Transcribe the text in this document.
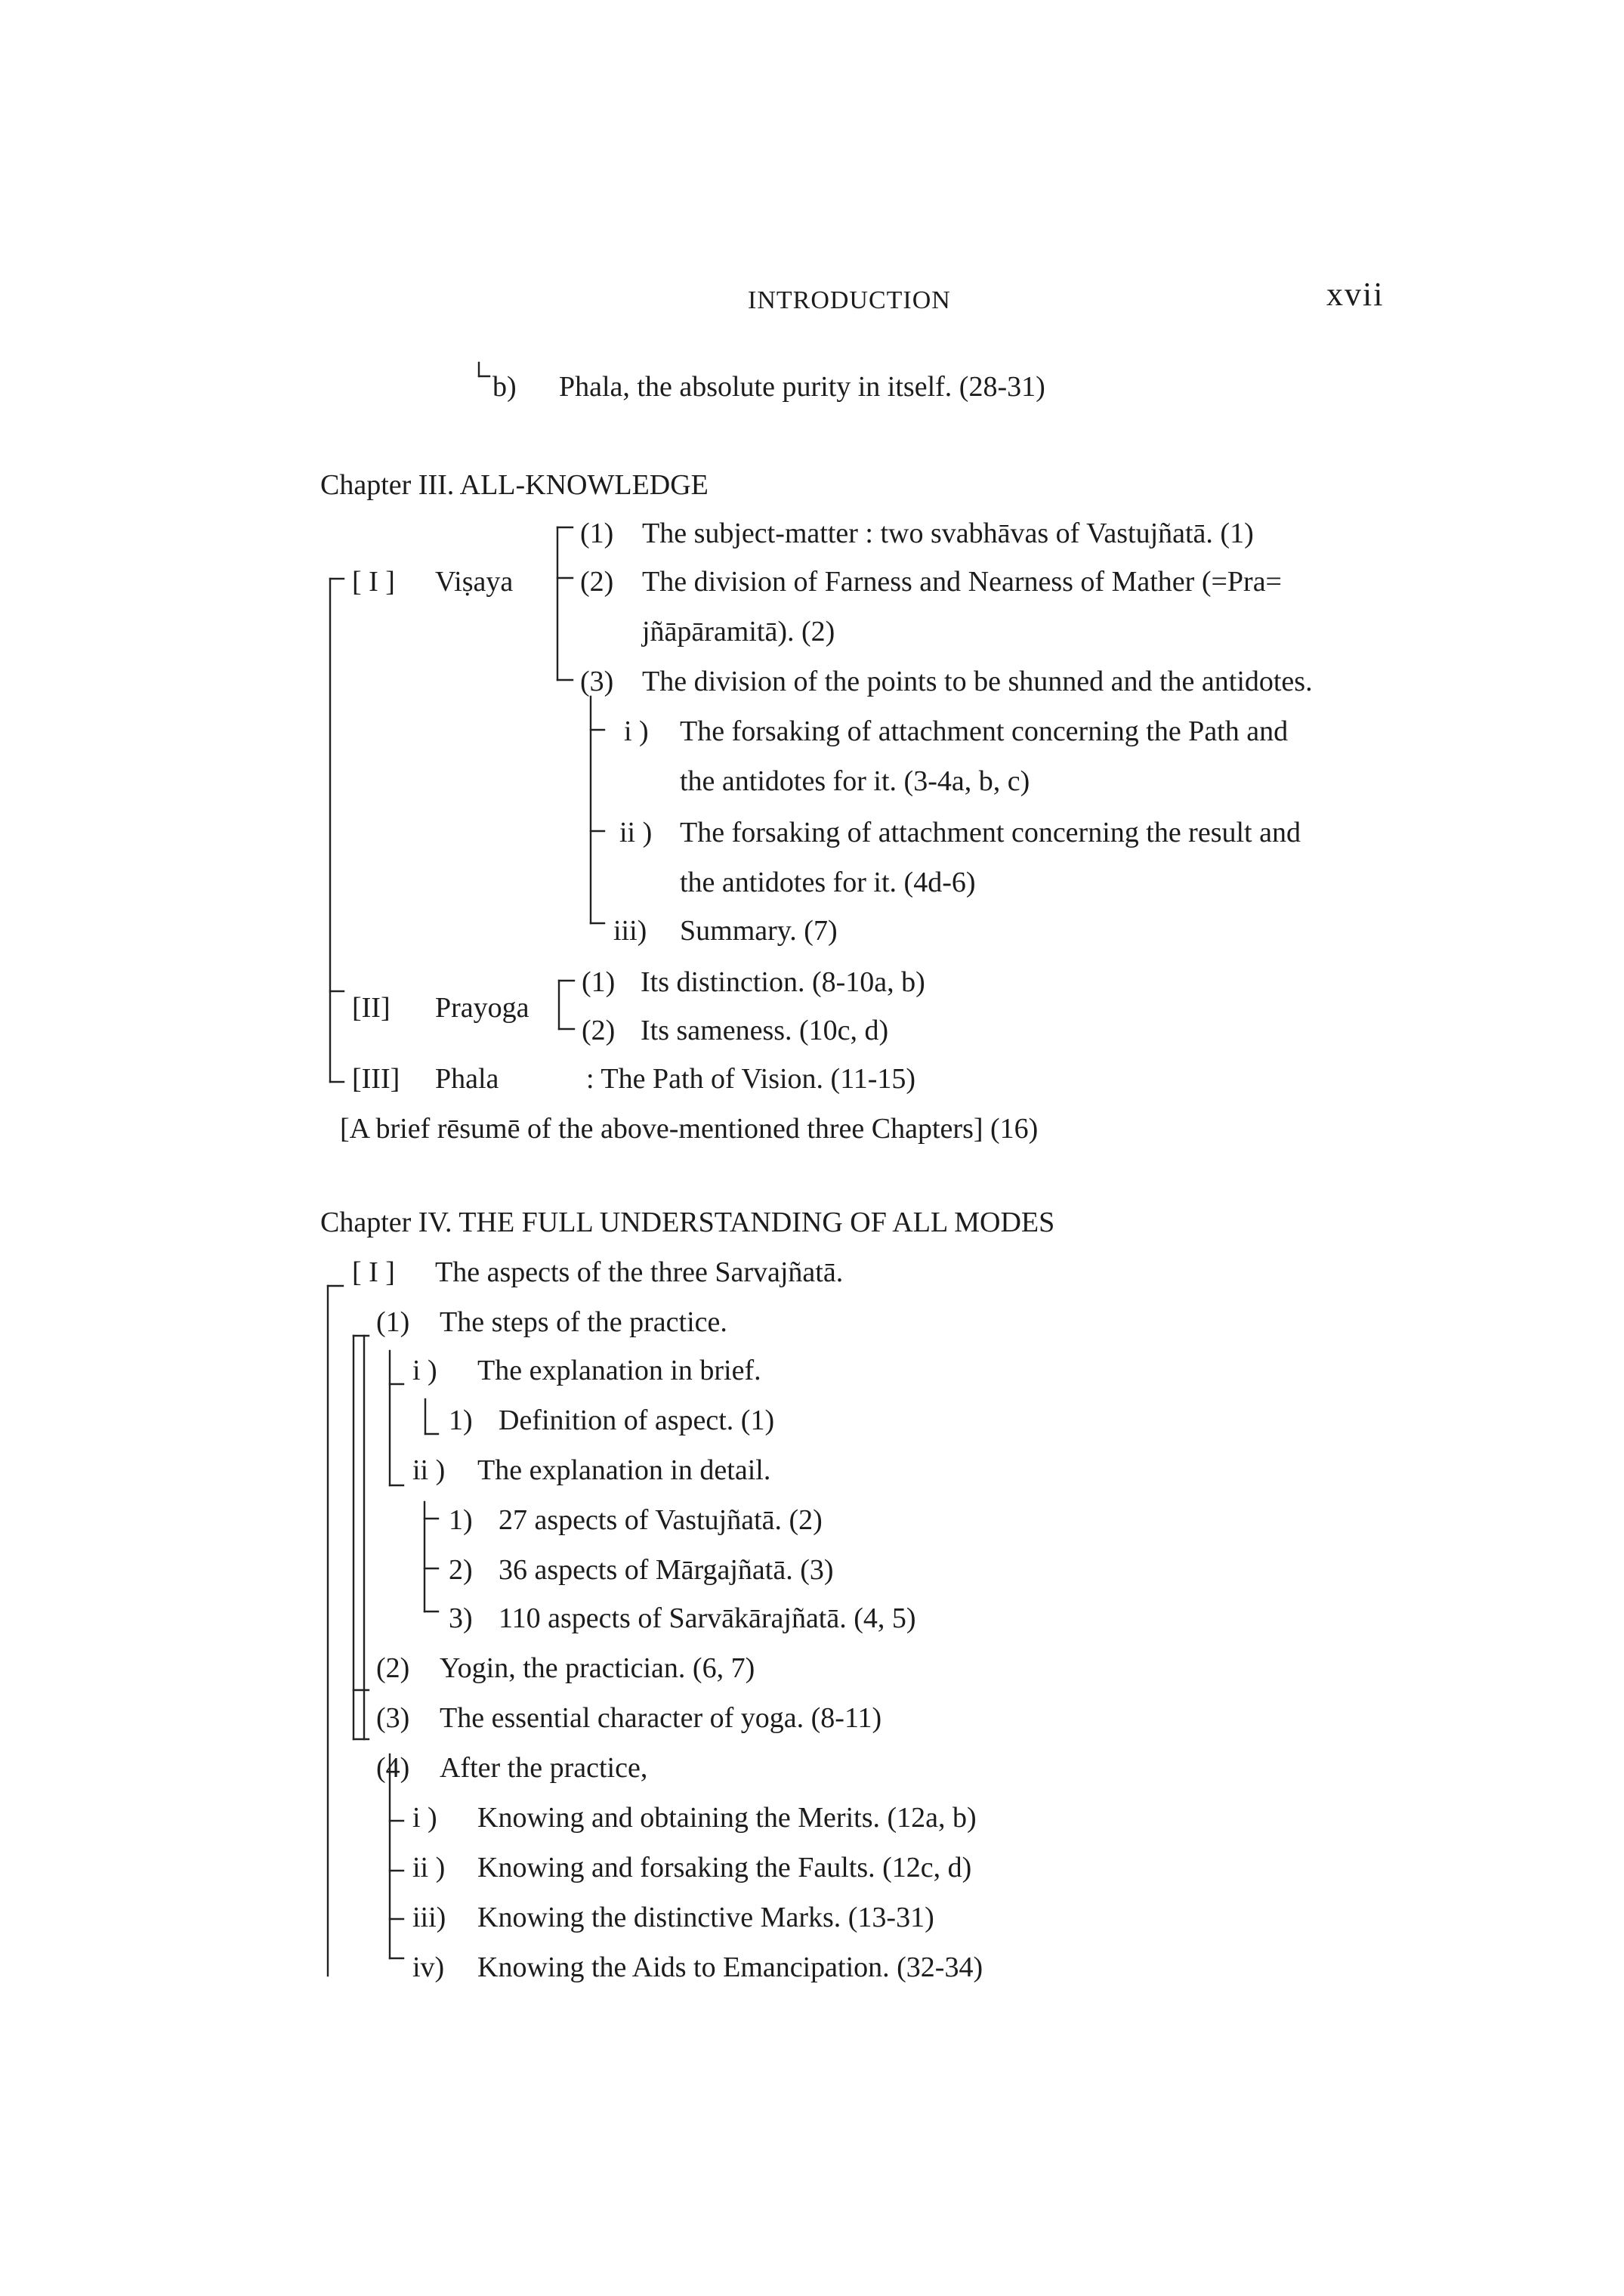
INTRODUCTION	xvii
b) Phala, the absolute purity in itself. (28-31)
Chapter III. ALL-KNOWLEDGE
[ I ] Viṣaya
(1) The subject-matter : two svabhāvas of Vastujñatā. (1)
(2) The division of Farness and Nearness of Mather (=Pra=
jñāpāramitā). (2)
(3) The division of the points to be shunned and the antidotes.
i ) The forsaking of attachment concerning the Path and
the antidotes for it. (3-4a, b, c)
ii ) The forsaking of attachment concerning the result and
the antidotes for it. (4d-6)
iii) Summary. (7)
[II] Prayoga
(1) Its distinction. (8-10a, b)
(2) Its sameness. (10c, d)
[III] Phala	: The Path of Vision. (11-15)
[A brief rēsumē of the above-mentioned three Chapters] (16)
Chapter IV. THE FULL UNDERSTANDING OF ALL MODES
[ I ] The aspects of the three Sarvajñatā.
(1) The steps of the practice.
i ) The explanation in brief.
1) Definition of aspect. (1)
ii ) The explanation in detail.
1) 27 aspects of Vastujñatā. (2)
2) 36 aspects of Mārgajñatā. (3)
3) 110 aspects of Sarvākārajñatā. (4, 5)
(2) Yogin, the practician. (6, 7)
(3) The essential character of yoga. (8-11)
(4) After the practice,
i ) Knowing and obtaining the Merits. (12a, b)
ii ) Knowing and forsaking the Faults. (12c, d)
iii) Knowing the distinctive Marks. (13-31)
iv) Knowing the Aids to Emancipation. (32-34)
